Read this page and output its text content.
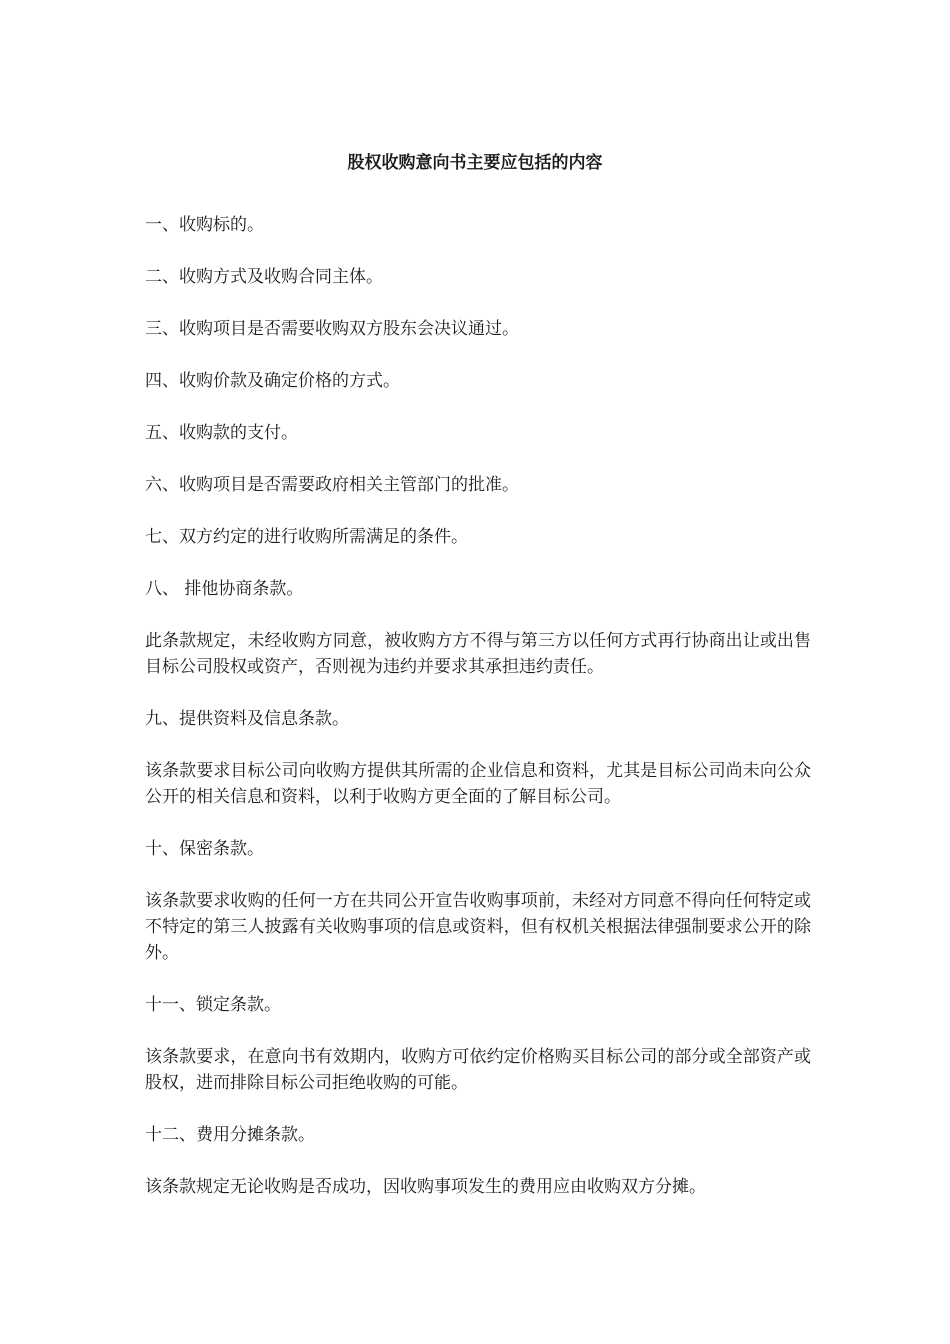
股权收购意向书主要应包括的内容

一、收购标的。

二、收购方式及收购合同主体。

三、收购项目是否需要收购双方股东会决议通过。

四、收购价款及确定价格的方式。

五、收购款的支付。

六、收购项目是否需要政府相关主管部门的批准。

七、双方约定的进行收购所需满足的条件。

八、 排他协商条款。

此条款规定，未经收购方同意，被收购方方不得与第三方以任何方式再行协商出让或出售目标公司股权或资产，否则视为违约并要求其承担违约责任。

九、提供资料及信息条款。

该条款要求目标公司向收购方提供其所需的企业信息和资料，尤其是目标公司尚未向公众公开的相关信息和资料，以利于收购方更全面的了解目标公司。

十、保密条款。

该条款要求收购的任何一方在共同公开宣告收购事项前，未经对方同意不得向任何特定或不特定的第三人披露有关收购事项的信息或资料，但有权机关根据法律强制要求公开的除外。

十一、锁定条款。

该条款要求，在意向书有效期内，收购方可依约定价格购买目标公司的部分或全部资产或股权，进而排除目标公司拒绝收购的可能。

十二、费用分摊条款。

该条款规定无论收购是否成功，因收购事项发生的费用应由收购双方分摊。
